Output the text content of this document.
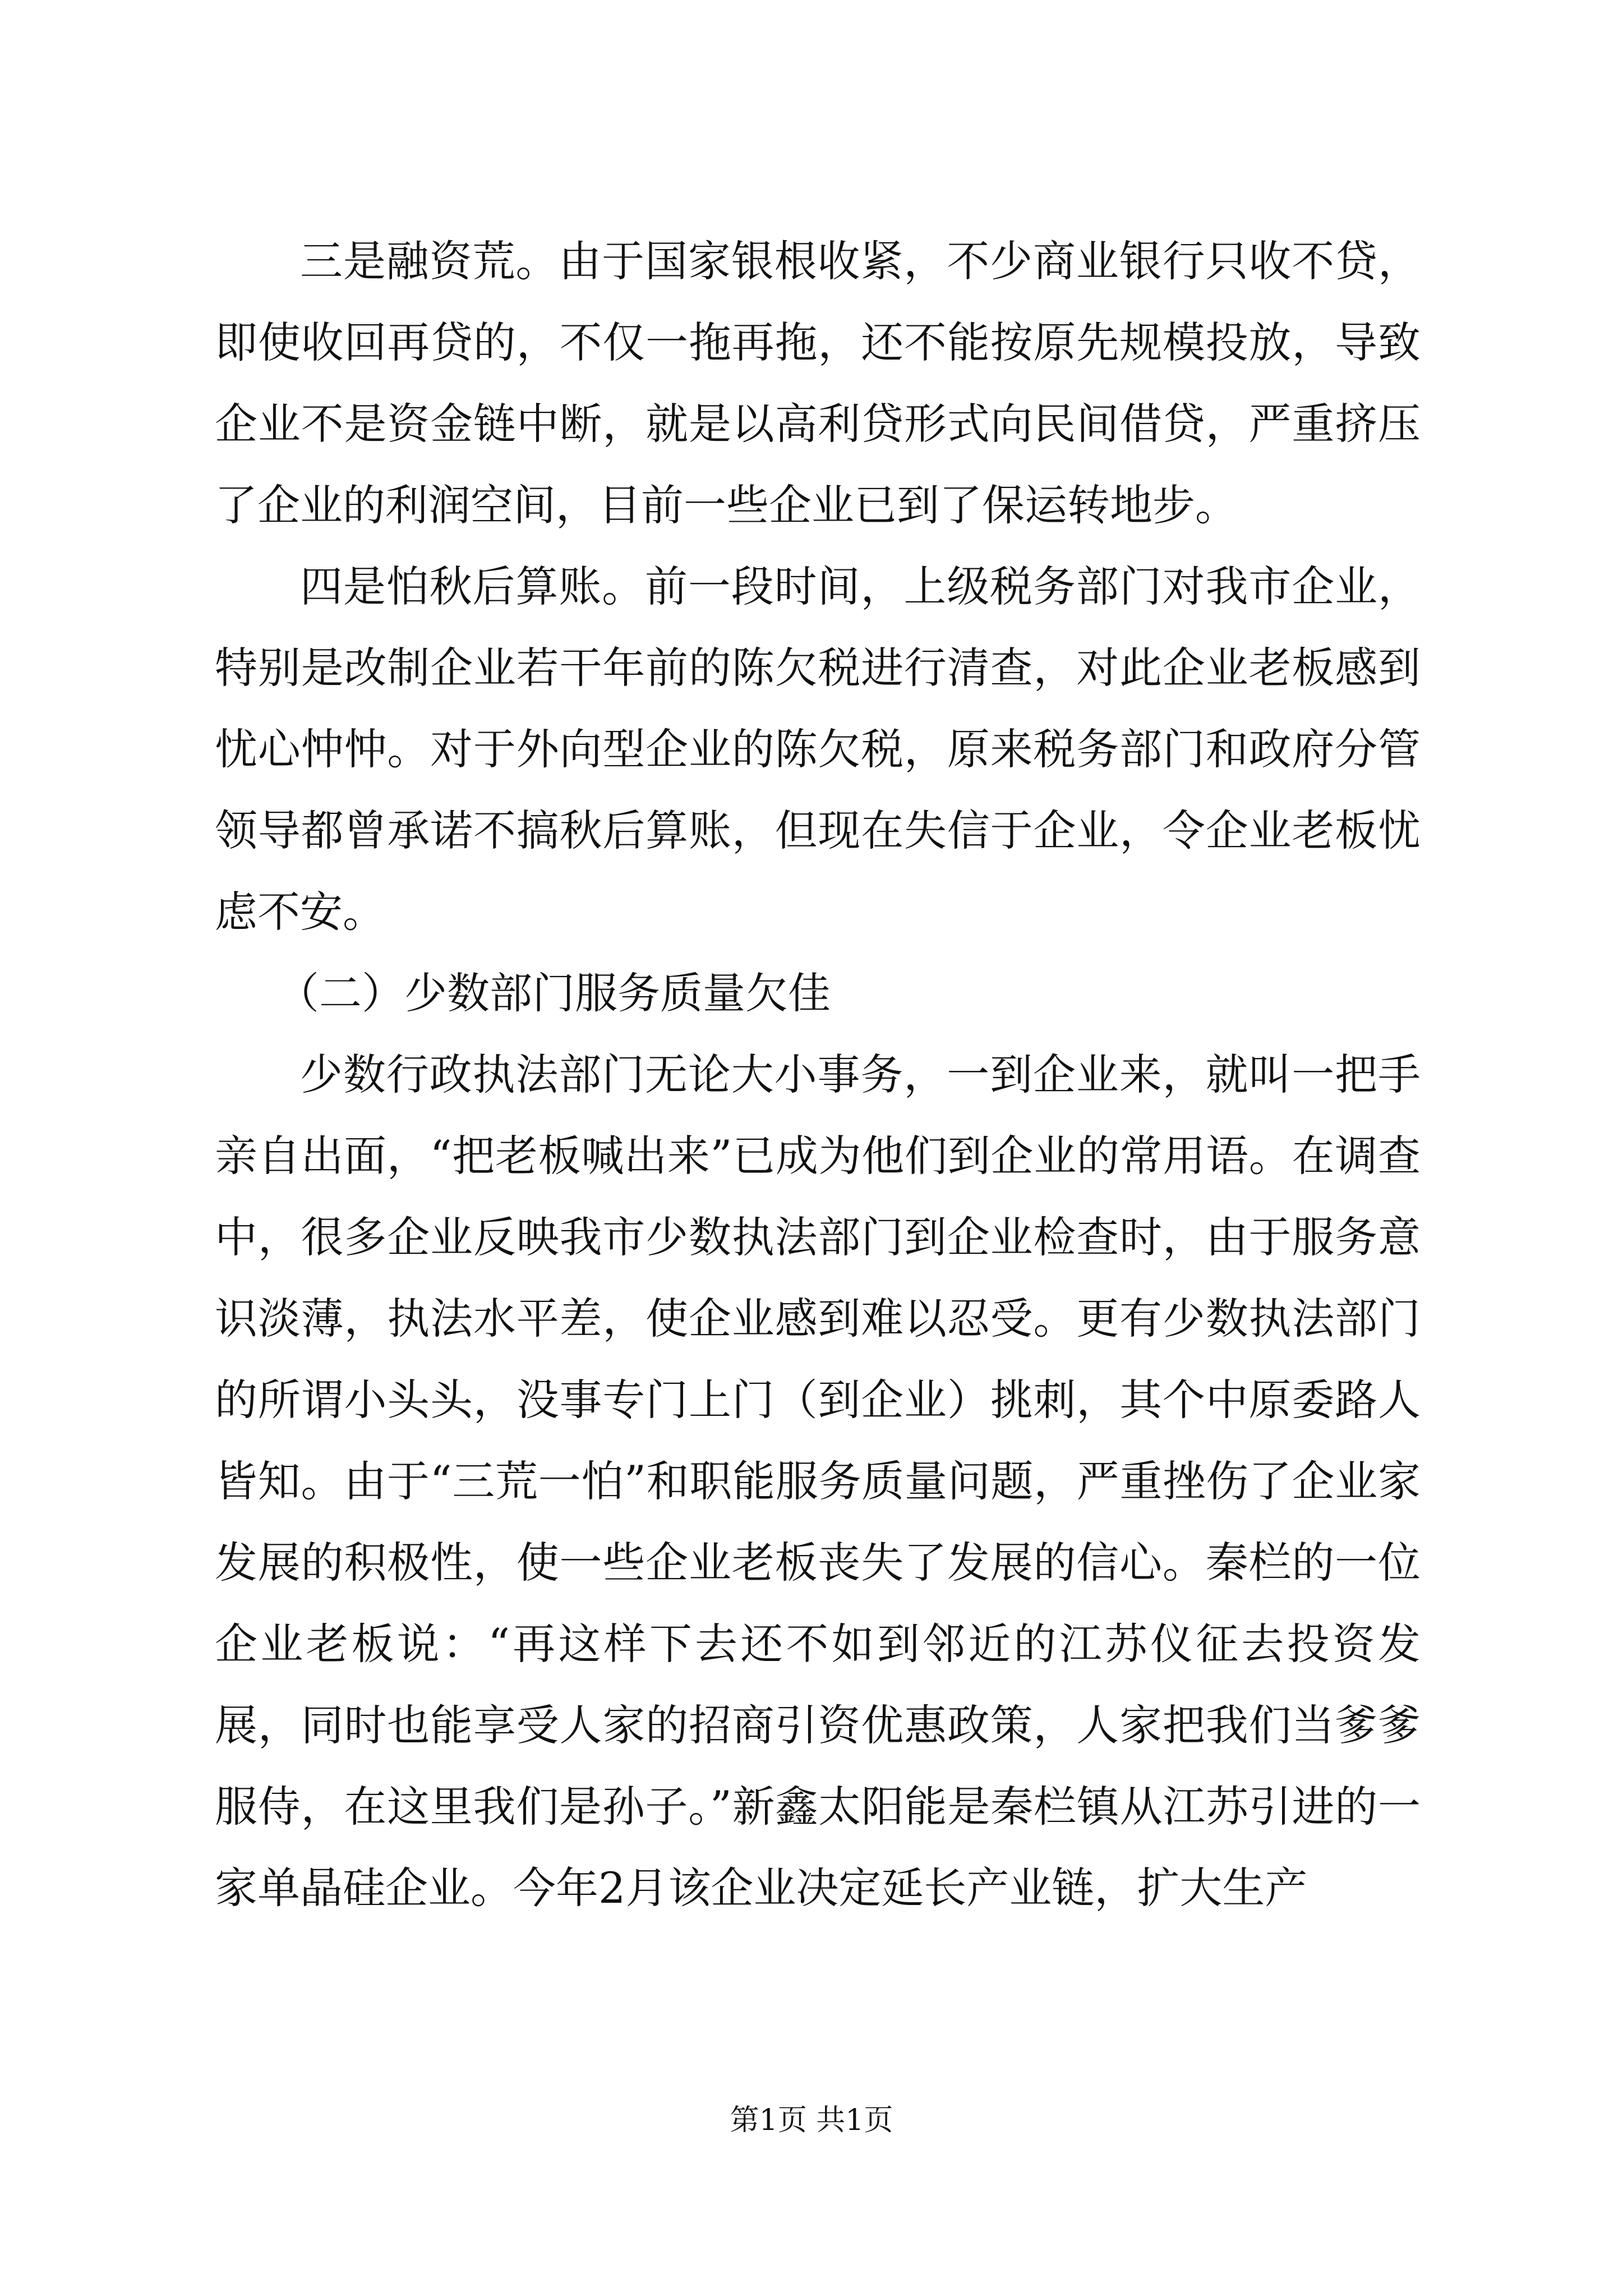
三是融资荒。由于国家银根收紧，不少商业银行只收不贷，即使收回再贷的，不仅一拖再拖，还不能按原先规模投放，导致企业不是资金链中断，就是以高利贷形式向民间借贷，严重挤压了企业的利润空间，目前一些企业已到了保运转地步。

四是怕秋后算账。前一段时间，上级税务部门对我市企业，特别是改制企业若干年前的陈欠税进行清查，对此企业老板感到忧心忡忡。对于外向型企业的陈欠税，原来税务部门和政府分管领导都曾承诺不搞秋后算账，但现在失信于企业，令企业老板忧虑不安。

（二）少数部门服务质量欠佳

少数行政执法部门无论大小事务，一到企业来，就叫一把手亲自出面，“把老板喊出来”已成为他们到企业的常用语。在调查中，很多企业反映我市少数执法部门到企业检查时，由于服务意识淡薄，执法水平差，使企业感到难以忍受。更有少数执法部门的所谓小头头，没事专门上门（到企业）挑刺，其个中原委路人皆知。由于“三荒一怕”和职能服务质量问题，严重挫伤了企业家发展的积极性，使一些企业老板丧失了发展的信心。秦栏的一位企业老板说：“再这样下去还不如到邻近的江苏仪征去投资发展，同时也能享受人家的招商引资优惠政策，人家把我们当爹爹服侍，在这里我们是孙子。”新鑫太阳能是秦栏镇从江苏引进的一家单晶硅企业。今年2月该企业决定延长产业链，扩大生产

第1页 共1页
